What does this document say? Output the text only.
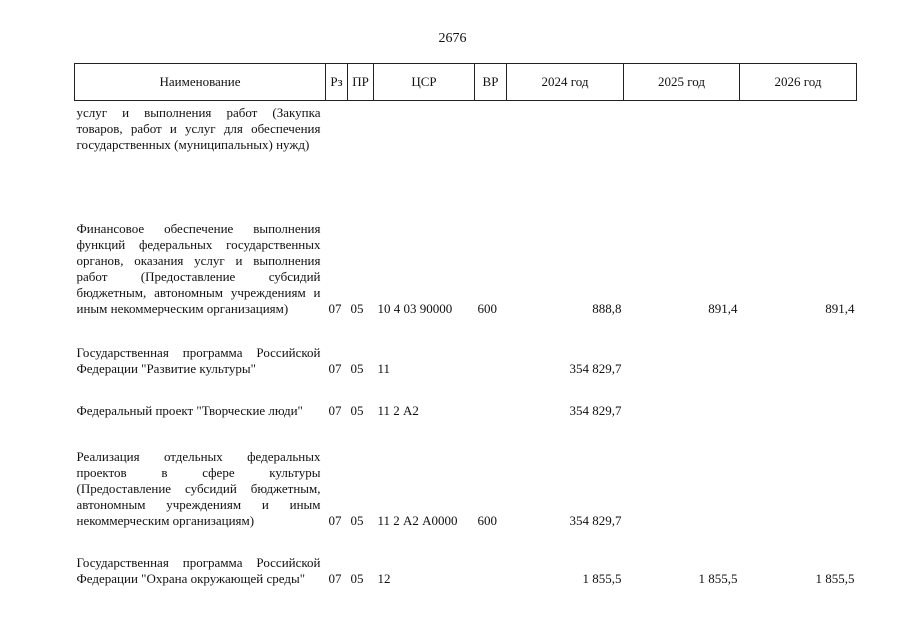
2676
Наименование	Рз	ПР	ЦСР	ВР	2024 год	2025 год	2026 год
услуг и выполнения работ (Закупка товаров, работ и услуг для обеспечения государственных (муниципальных) нужд)							
Финансовое обеспечение выполнения функций федеральных государственных органов, оказания услуг и выполнения работ (Предоставление субсидий бюджетным, автономным учреждениям и иным некоммерческим организациям)	07	05	10 4 03 90000	600	888,8	891,4	891,4
Государственная программа Российской Федерации "Развитие культуры"	07	05	11		354 829,7		
Федеральный проект "Творческие люди"	07	05	11 2 А2		354 829,7		
Реализация отдельных федеральных проектов в сфере культуры (Предоставление субсидий бюджетным, автономным учреждениям и иным некоммерческим организациям)	07	05	11 2 А2 А0000	600	354 829,7		
Государственная программа Российской Федерации "Охрана окружающей среды"	07	05	12		1 855,5	1 855,5	1 855,5
